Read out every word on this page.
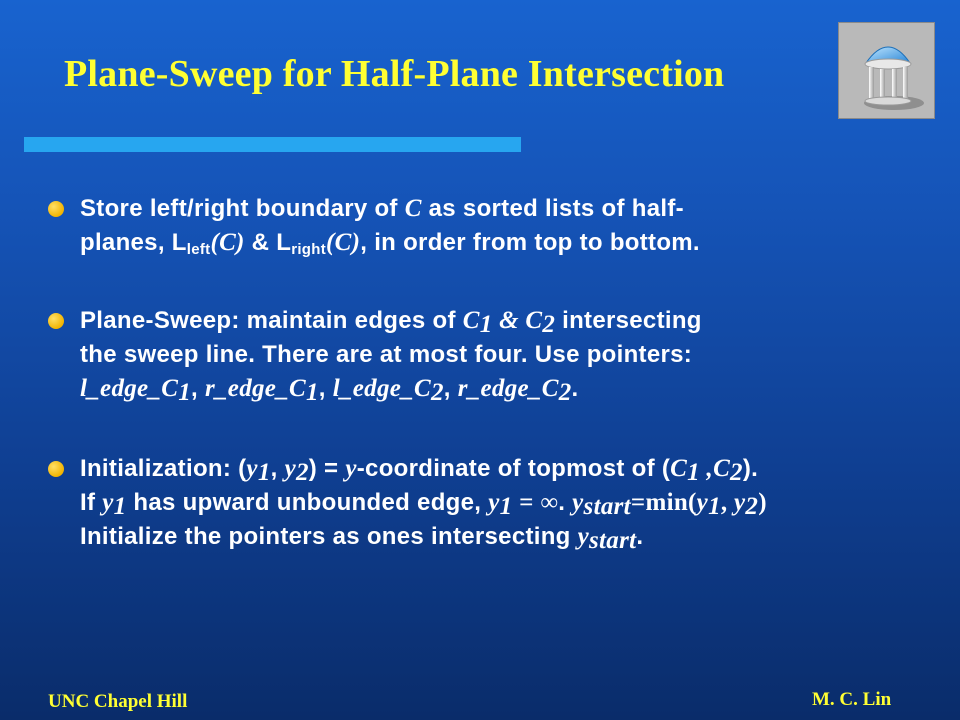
Plane-Sweep for Half-Plane Intersection
Store left/right boundary of C as sorted lists of half-
planes, $L_{left}(C)$ & $L_{right}(C)$, in order from top to bottom.
Plane-Sweep: maintain edges of $C_1$ & $C_2$ intersecting
the sweep line. There are at most four. Use pointers:
$l\_edge\_C_1$, $r\_edge\_C_1$, $l\_edge\_C_2$, $r\_edge\_C_2$.
Initialization: ($y_1$, $y_2$) = y-coordinate of topmost of ($C_1$ $,C_2$).
If $y_1$ has upward unbounded edge, $y_1$ = ∞. $y_{start}=\min(y_1$, $y_2$)
Initialize the pointers as ones intersecting $y_{start}$.
UNC Chapel Hill	M. C. Lin
